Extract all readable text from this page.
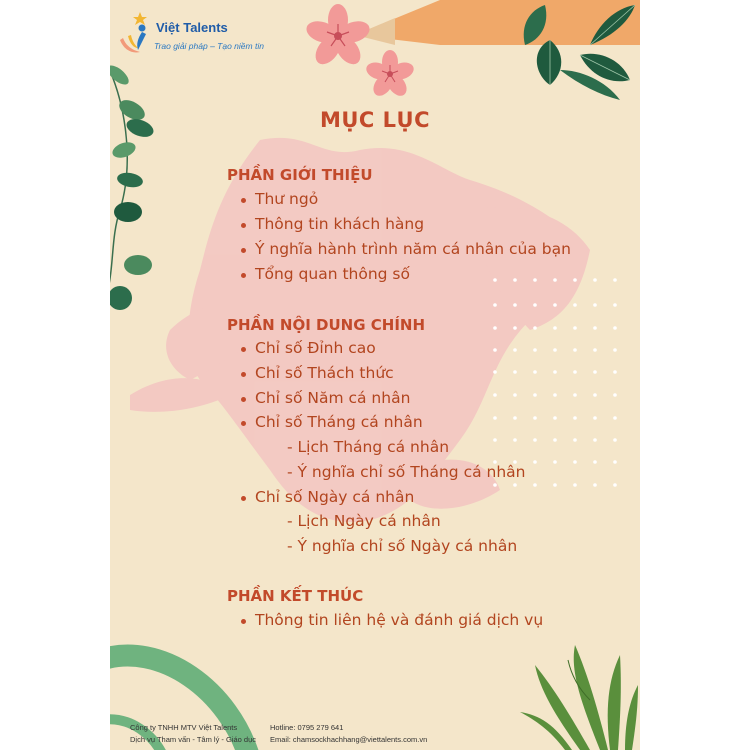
Việt Talents
Trao giải pháp – Tạo niềm tin
MỤC LỤC
PHẦN GIỚI THIỆU
Thư ngỏ
Thông tin khách hàng
Ý nghĩa hành trình năm cá nhân của bạn
Tổng quan thông số
PHẦN NỘI DUNG CHÍNH
Chỉ số Đỉnh cao
Chỉ số Thách thức
Chỉ số Năm cá nhân
Chỉ số Tháng cá nhân
- Lịch Tháng cá nhân
- Ý nghĩa chỉ số Tháng cá nhân
Chỉ số Ngày cá nhân
- Lịch Ngày cá nhân
- Ý nghĩa chỉ số Ngày cá nhân
PHẦN KẾT THÚC
Thông tin liên hệ và đánh giá dịch vụ
Công ty TNHH MTV Việt Talents
Dịch vụ Tham vấn - Tâm lý - Giáo dục
Hotline: 0795 279 641
Email: chamsockhachhang@viettalents.com.vn
